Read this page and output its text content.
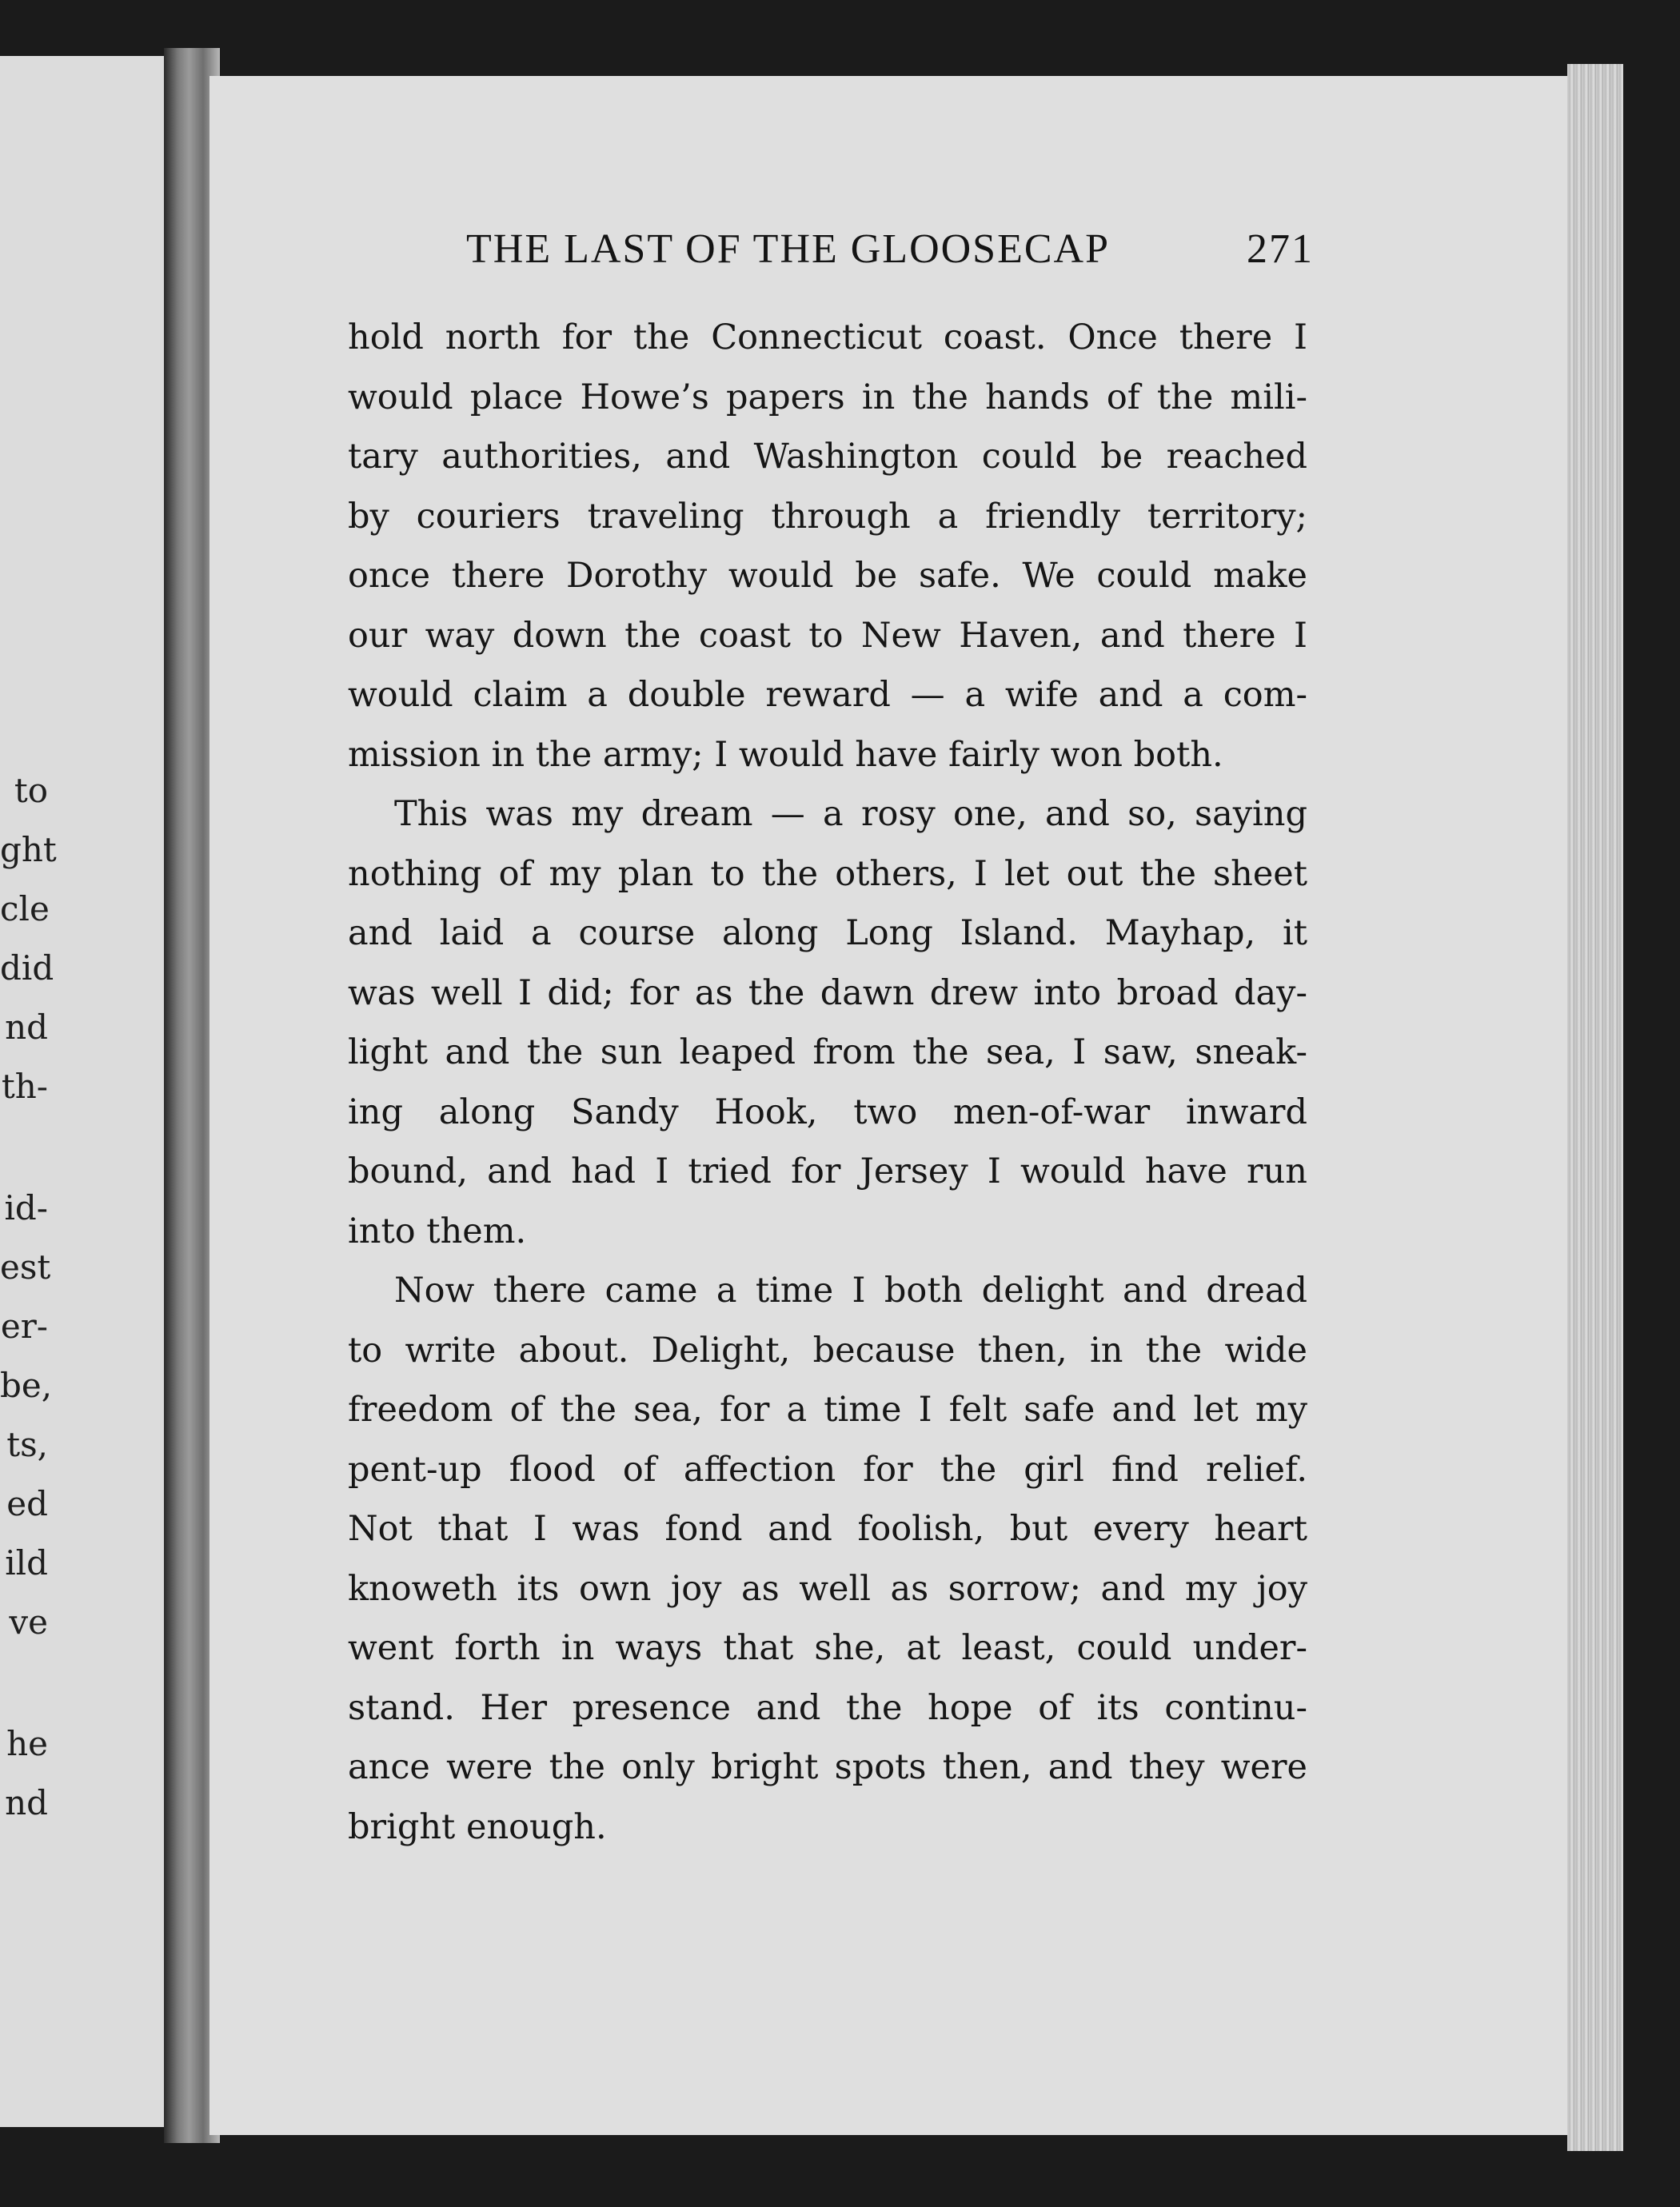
to
ght
cle
did
nd
th-
id-
est
er-
be,
ts,
ed
ild
ve
he
nd
THE LAST OF THE GLOOSECAP	271
hold north for the Connecticut coast. Once there I
would place Howe’s papers in the hands of the mili-
tary authorities, and Washington could be reached
by couriers traveling through a friendly territory;
once there Dorothy would be safe. We could make
our way down the coast to New Haven, and there I
would claim a double reward — a wife and a com-
mission in the army; I would have fairly won both.
This was my dream — a rosy one, and so, saying
nothing of my plan to the others, I let out the sheet
and laid a course along Long Island. Mayhap, it
was well I did; for as the dawn drew into broad day-
light and the sun leaped from the sea, I saw, sneak-
ing along Sandy Hook, two men-of-war inward
bound, and had I tried for Jersey I would have run
into them.
Now there came a time I both delight and dread
to write about. Delight, because then, in the wide
freedom of the sea, for a time I felt safe and let my
pent-up flood of affection for the girl find relief.
Not that I was fond and foolish, but every heart
knoweth its own joy as well as sorrow; and my joy
went forth in ways that she, at least, could under-
stand. Her presence and the hope of its continu-
ance were the only bright spots then, and they were
bright enough.
